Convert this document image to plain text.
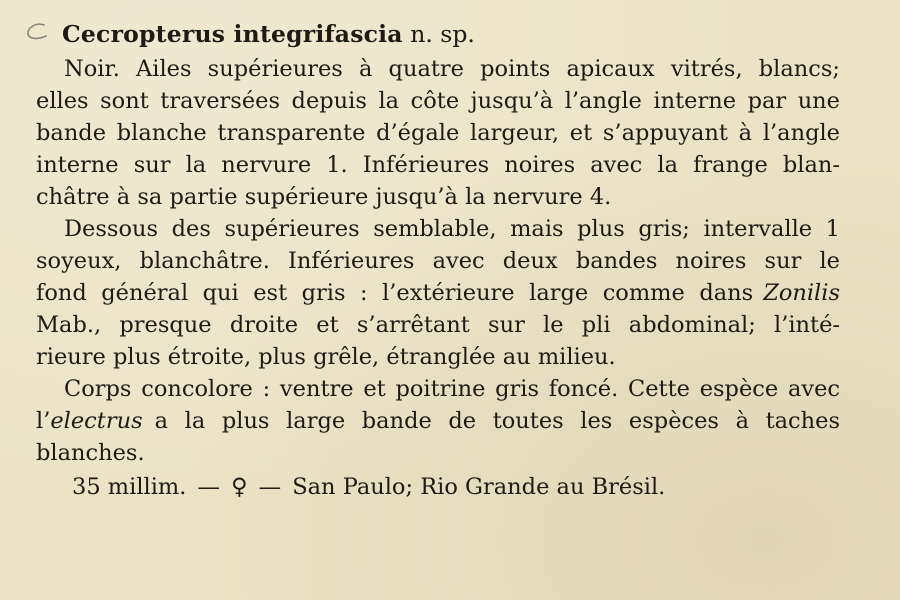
Cecropterus integrifascia n. sp.
Noir. Ailes supérieures à quatre points apicaux vitrés, blancs;
elles sont traversées depuis la côte jusqu’à l’angle interne par une
bande blanche transparente d’égale largeur, et s’appuyant à l’angle
interne sur la nervure 1. Inférieures noires avec la frange blan-
châtre à sa partie supérieure jusqu’à la nervure 4.
Dessous des supérieures semblable, mais plus gris; intervalle 1
soyeux, blanchâtre. Inférieures avec deux bandes noires sur le
fond général qui est gris : l’extérieure large comme dans Zonilis
Mab., presque droite et s’arrêtant sur le pli abdominal; l’inté-
rieure plus étroite, plus grêle, étranglée au milieu.
Corps concolore : ventre et poitrine gris foncé. Cette espèce avec
l’ electrus a la plus large bande de toutes les espèces à taches
blanches.
35 millim. — ♀ — San Paulo; Rio Grande au Brésil.
